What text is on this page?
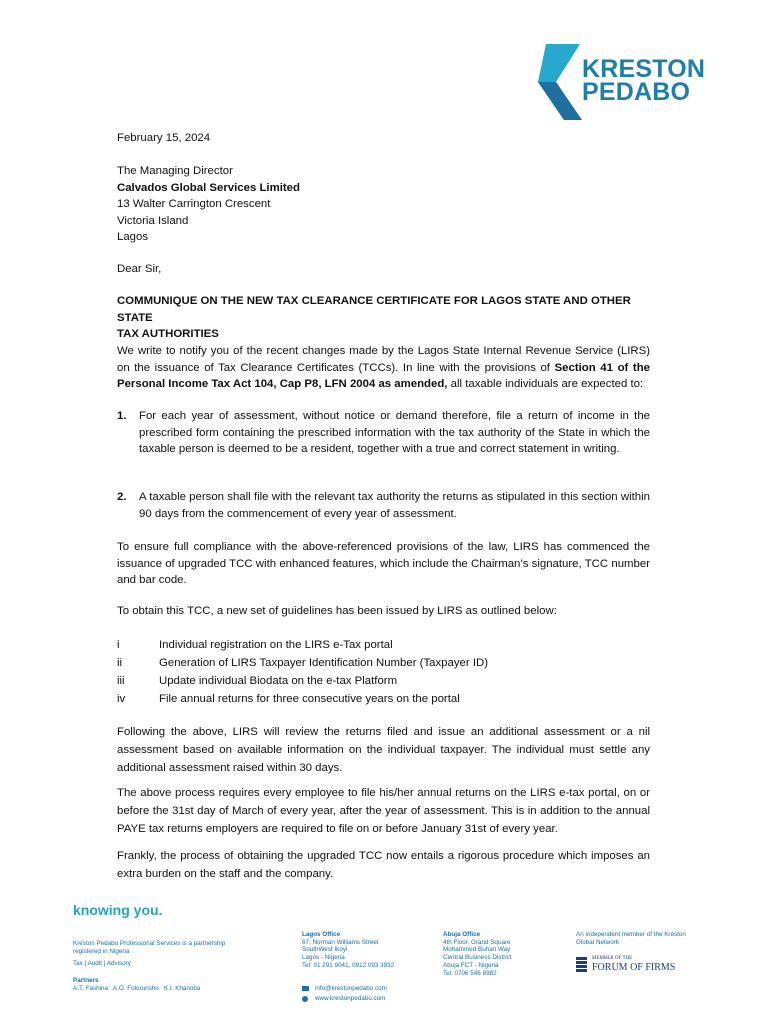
KRESTON
PEDABO
February 15, 2024
The Managing Director
Calvados Global Services Limited
13 Walter Carrington Crescent
Victoria Island
Lagos
Dear Sir,
COMMUNIQUE ON THE NEW TAX CLEARANCE CERTIFICATE FOR LAGOS STATE AND OTHER STATE
TAX AUTHORITIES
We write to notify you of the recent changes made by the Lagos State Internal Revenue Service (LIRS) on the issuance of Tax Clearance Certificates (TCCs). In line with the provisions of Section 41 of the Personal Income Tax Act 104, Cap P8, LFN 2004 as amended, all taxable individuals are expected to:
1.	For each year of assessment, without notice or demand therefore, file a return of income in the prescribed form containing the prescribed information with the tax authority of the State in which the taxable person is deemed to be a resident, together with a true and correct statement in writing.
2.	A taxable person shall file with the relevant tax authority the returns as stipulated in this section within 90 days from the commencement of every year of assessment.
To ensure full compliance with the above-referenced provisions of the law, LIRS has commenced the issuance of upgraded TCC with enhanced features, which include the Chairman’s signature, TCC number and bar code.
To obtain this TCC, a new set of guidelines has been issued by LIRS as outlined below:
i	Individual registration on the LIRS e-Tax portal
ii	Generation of LIRS Taxpayer Identification Number (Taxpayer ID)
iii	Update individual Biodata on the e-tax Platform
iv	File annual returns for three consecutive years on the portal
Following the above, LIRS will review the returns filed and issue an additional assessment or a nil assessment based on available information on the individual taxpayer. The individual must settle any additional assessment raised within 30 days.
The above process requires every employee to file his/her annual returns on the LIRS e-tax portal, on or before the 31st day of March of every year, after the year of assessment. This is in addition to the annual PAYE tax returns employers are required to file on or before January 31st of every year.
Frankly, the process of obtaining the upgraded TCC now entails a rigorous procedure which imposes an extra burden on the staff and the company.
knowing you.
Kreston Pedabo Professional Services is a partnership registered in Nigeria
Tax | Audit | Advisory
Partners
A.T. Fashina   A.O. Folorunsho   K.I. Khanoba
Lagos Office
67, Norman Williams Street
SouthWest Ikoyi
Lagos - Nigeria
Tel: 01 291 9041, 0912 093 3932
info@krestonpedabo.com
www.krestonpedabo.com
Abuja Office
4th Floor, Grand Square
Mohammed Buhari Way
Central Business District
Abuja FCT - Nigeria
Tel: 0706 546 8982
An independent member of the Kreston Global Network
MEMBER OF THE
FORUM OF FIRMS
